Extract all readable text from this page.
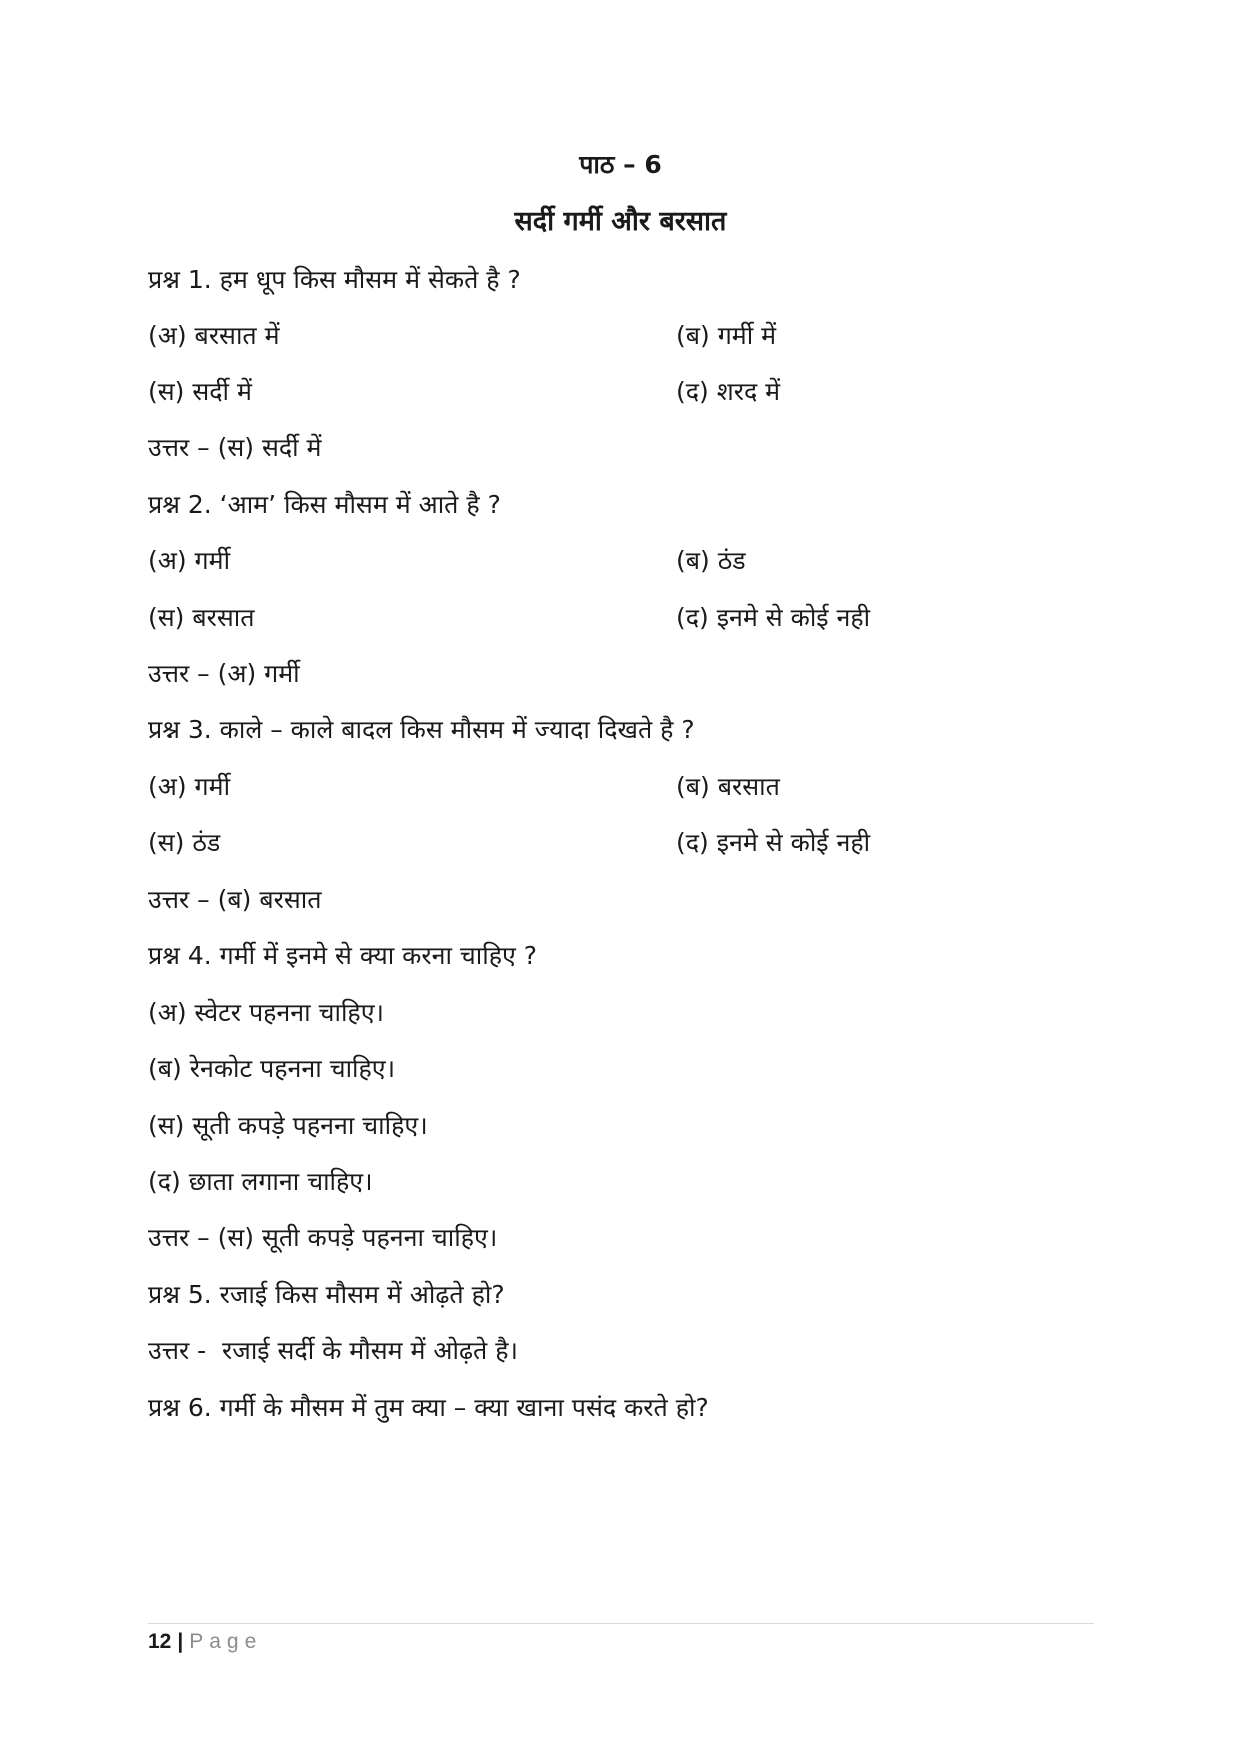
पाठ – 6
सर्दी गर्मी और बरसात
प्रश्न 1. हम धूप किस मौसम में सेकते है ?
(अ) बरसात में	(ब) गर्मी में
(स) सर्दी में	(द) शरद में
उत्तर – (स) सर्दी में
प्रश्न 2. ‘आम’ किस मौसम में आते है ?
(अ) गर्मी	(ब) ठंड
(स) बरसात	(द) इनमे से कोई नही
उत्तर – (अ) गर्मी
प्रश्न 3. काले – काले बादल किस मौसम में ज्यादा दिखते है ?
(अ) गर्मी	(ब) बरसात
(स) ठंड	(द) इनमे से कोई नही
उत्तर – (ब) बरसात
प्रश्न 4. गर्मी में इनमे से क्या करना चाहिए ?
(अ) स्वेटर पहनना चाहिए।
(ब) रेनकोट पहनना चाहिए।
(स) सूती कपड़े पहनना चाहिए।
(द) छाता लगाना चाहिए।
उत्तर – (स) सूती कपड़े पहनना चाहिए।
प्रश्न 5. रजाई किस मौसम में ओढ़ते हो?
उत्तर -  रजाई सर्दी के मौसम में ओढ़ते है।
प्रश्न 6. गर्मी के मौसम में तुम क्या – क्या खाना पसंद करते हो?
12 | Page
